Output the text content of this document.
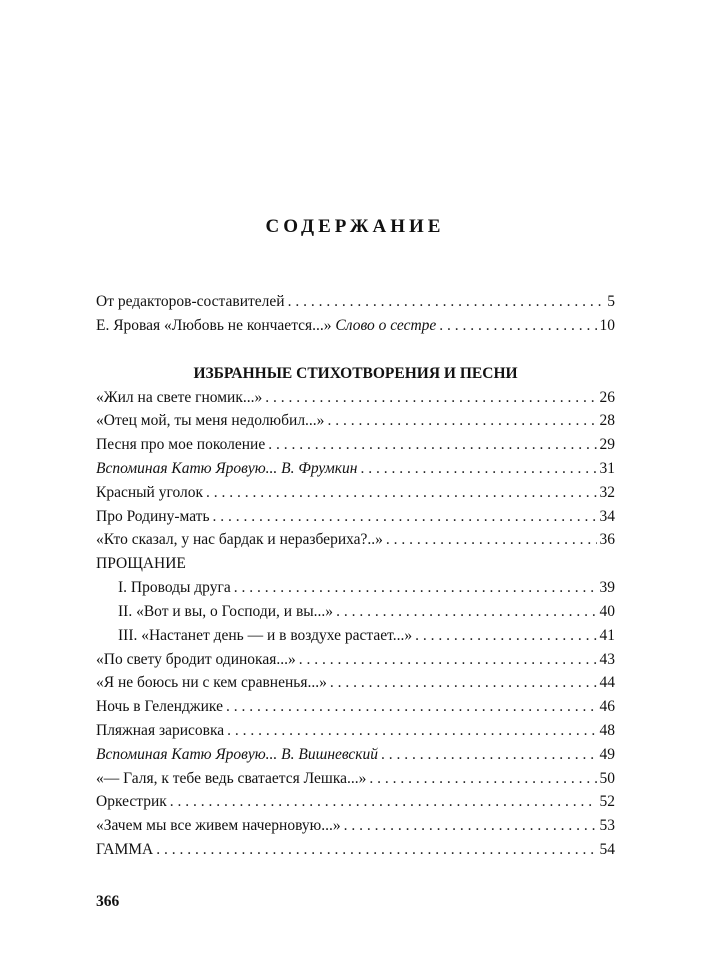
СОДЕРЖАНИЕ
От редакторов-составителей . . .	5
Е. Яровая «Любовь не кончается...» Слово о сестре . . .	10
ИЗБРАННЫЕ СТИХОТВОРЕНИЯ И ПЕСНИ
«Жил на свете гномик...» . . .	26
«Отец мой, ты меня недолюбил...» . . .	28
Песня про мое поколение . . .	29
Вспоминая Катю Яровую... В. Фрумкин . . .	31
Красный уголок . . .	32
Про Родину-мать . . .	34
«Кто сказал, у нас бардак и неразбериха?..» . . .	36
ПРОЩАНИЕ
I. Проводы друга . . .	39
II. «Вот и вы, о Господи, и вы...» . . .	40
III. «Настанет день — и в воздухе растает...» . . .	41
«По свету бродит одинокая...» . . .	43
«Я не боюсь ни с кем сравненья...» . . .	44
Ночь в Геленджике . . .	46
Пляжная зарисовка . . .	48
Вспоминая Катю Яровую... В. Вишневский . . .	49
«— Галя, к тебе ведь сватается Лешка...» . . .	50
Оркестрик . . .	52
«Зачем мы все живем начерновую...» . . .	53
ГАММА . . .	54
366
